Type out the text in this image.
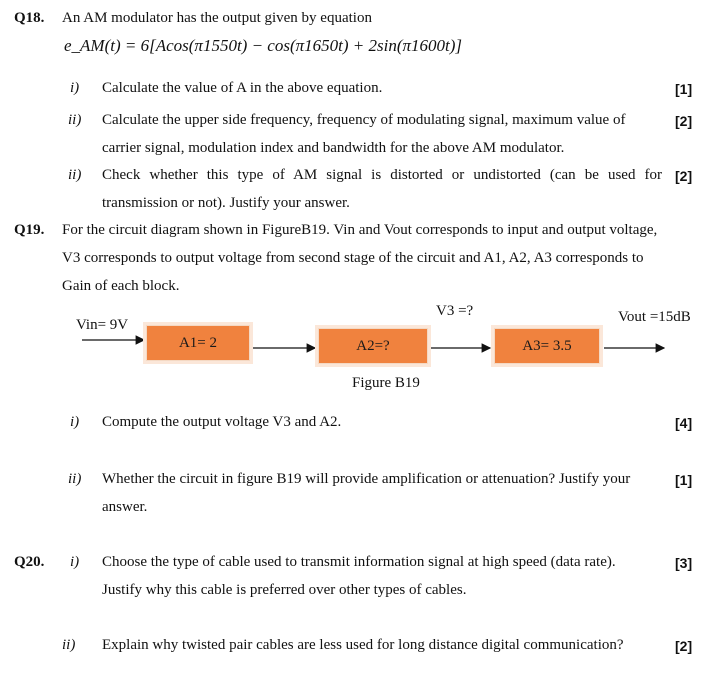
Q18. An AM modulator has the output given by equation
e_AM(t) = 6[Acos(π1550t) − cos(π1650t) + 2sin(π1600t)]
i) Calculate the value of A in the above equation.	[1]
ii) Calculate the upper side frequency, frequency of modulating signal, maximum value of
carrier signal, modulation index and bandwidth for the above AM modulator.
[2]
ii) Check whether this type of AM signal is distorted or undistorted (can be used for
transmission or not). Justify your answer.
[2]
Q19. For the circuit diagram shown in FigureB19. Vin and Vout corresponds to input and output voltage,
V3 corresponds to output voltage from second stage of the circuit and A1, A2, A3 corresponds to
Gain of each block.
Vin= 9V
V3 =?	Vout =15dB
A1= 2	A2=?	A3= 3.5
Figure B19
i) Compute the output voltage V3 and A2.	[4]
ii) Whether the circuit in figure B19 will provide amplification or attenuation? Justify your
answer.
[1]
Q20. i) Choose the type of cable used to transmit information signal at high speed (data rate).
Justify why this cable is preferred over other types of cables.
[3]
ii) Explain why twisted pair cables are less used for long distance digital communication?	[2]
